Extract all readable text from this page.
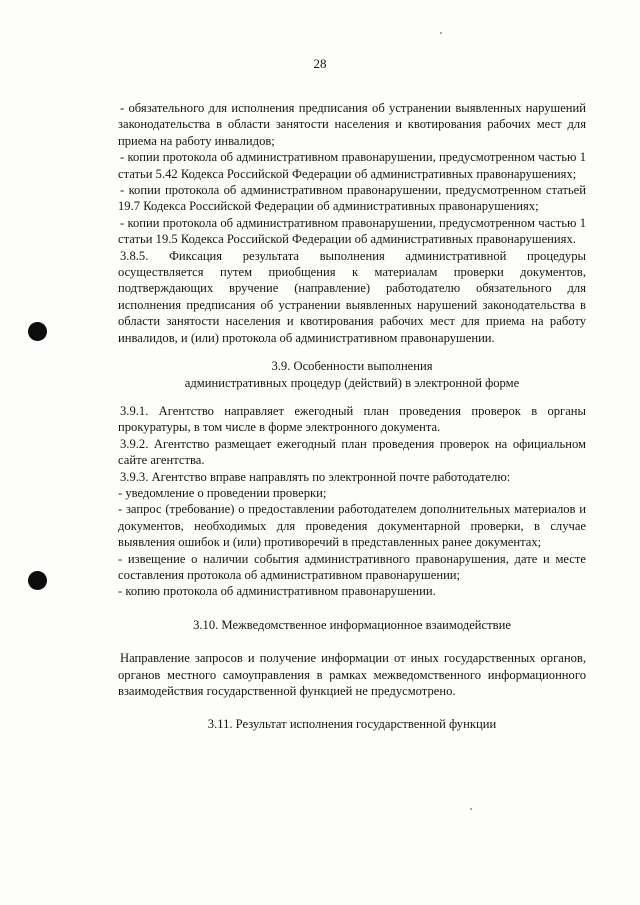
28

- обязательного для исполнения предписания об устранении выявленных нарушений законодательства в области занятости населения и квотирования рабочих мест для приема на работу инвалидов;

- копии протокола об административном правонарушении, предусмотренном частью 1 статьи 5.42 Кодекса Российской Федерации об административных правонарушениях;

- копии протокола об административном правонарушении, предусмотренном статьей 19.7 Кодекса Российской Федерации об административных правонарушениях;

- копии протокола об административном правонарушении, предусмотренном частью 1 статьи 19.5 Кодекса Российской Федерации об административных правонарушениях.

3.8.5. Фиксация результата выполнения административной процедуры осуществляется путем приобщения к материалам проверки документов, подтверждающих вручение (направление) работодателю обязательного для исполнения предписания об устранении выявленных нарушений законодательства в области занятости населения и квотирования рабочих мест для приема на работу инвалидов, и (или) протокола об административном правонарушении.

3.9. Особенности выполнения

административных процедур (действий) в электронной форме

3.9.1. Агентство направляет ежегодный план проведения проверок в органы прокуратуры, в том числе в форме электронного документа.

3.9.2. Агентство размещает ежегодный план проведения проверок на официальном сайте агентства.

3.9.3. Агентство вправе направлять по электронной почте работодателю:

- уведомление о проведении проверки;

- запрос (требование) о предоставлении работодателем дополнительных материалов и документов, необходимых для проведения документарной проверки, в случае выявления ошибок и (или) противоречий в представленных ранее документах;

- извещение о наличии события административного правонарушения, дате и месте составления протокола об административном правонарушении;

- копию протокола об административном правонарушении.

3.10. Межведомственное информационное взаимодействие

Направление запросов и получение информации от иных государственных органов, органов местного самоуправления в рамках межведомственного информационного взаимодействия государственной функцией не предусмотрено.

3.11. Результат исполнения государственной функции
